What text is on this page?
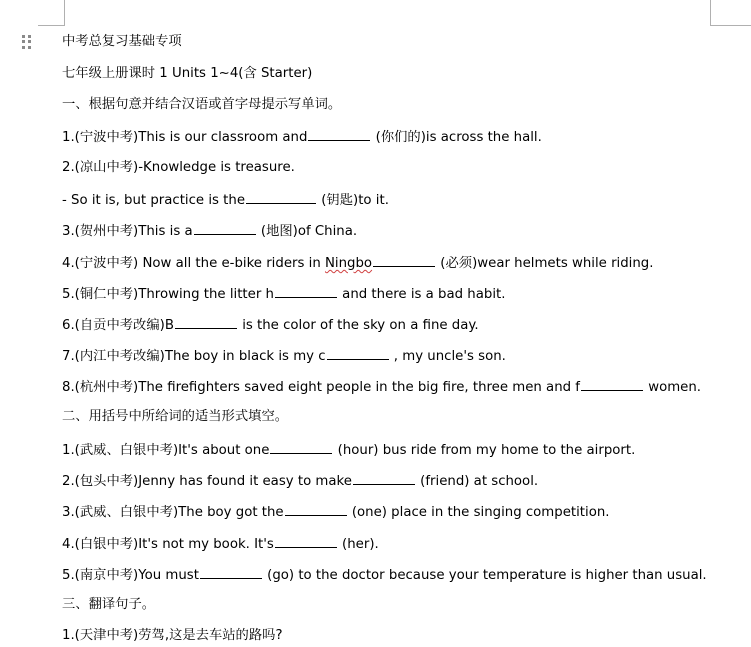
中考总复习基础专项
七年级上册课时 1 Units 1~4(含 Starter)
一、根据句意并结合汉语或首字母提示写单词。
1.(宁波中考)This is our classroom and	(你们的)is across the hall.
2.(凉山中考)-Knowledge is treasure.
- So it is, but practice is the	(钥匙)to it.
3.(贺州中考)This is a	(地图)of China.
4.(宁波中考) Now all the e-bike riders in Ningbo	(必须)wear helmets while riding.
5.(铜仁中考)Throwing the litter h	and there is a bad habit.
6.(自贡中考改编)B	is the color of the sky on a fine day.
7.(内江中考改编)The boy in black is my c	, my uncle's son.
8.(杭州中考)The firefighters saved eight people in the big fire, three men and f	women.
二、用括号中所给词的适当形式填空。
1.(武威、白银中考)It's about one	(hour) bus ride from my home to the airport.
2.(包头中考)Jenny has found it easy to make	(friend) at school.
3.(武威、白银中考)The boy got the	(one) place in the singing competition.
4.(白银中考)It's not my book. It's	(her).
5.(南京中考)You must	(go) to the doctor because your temperature is higher than usual.
三、翻译句子。
1.(天津中考)劳驾,这是去车站的路吗?
